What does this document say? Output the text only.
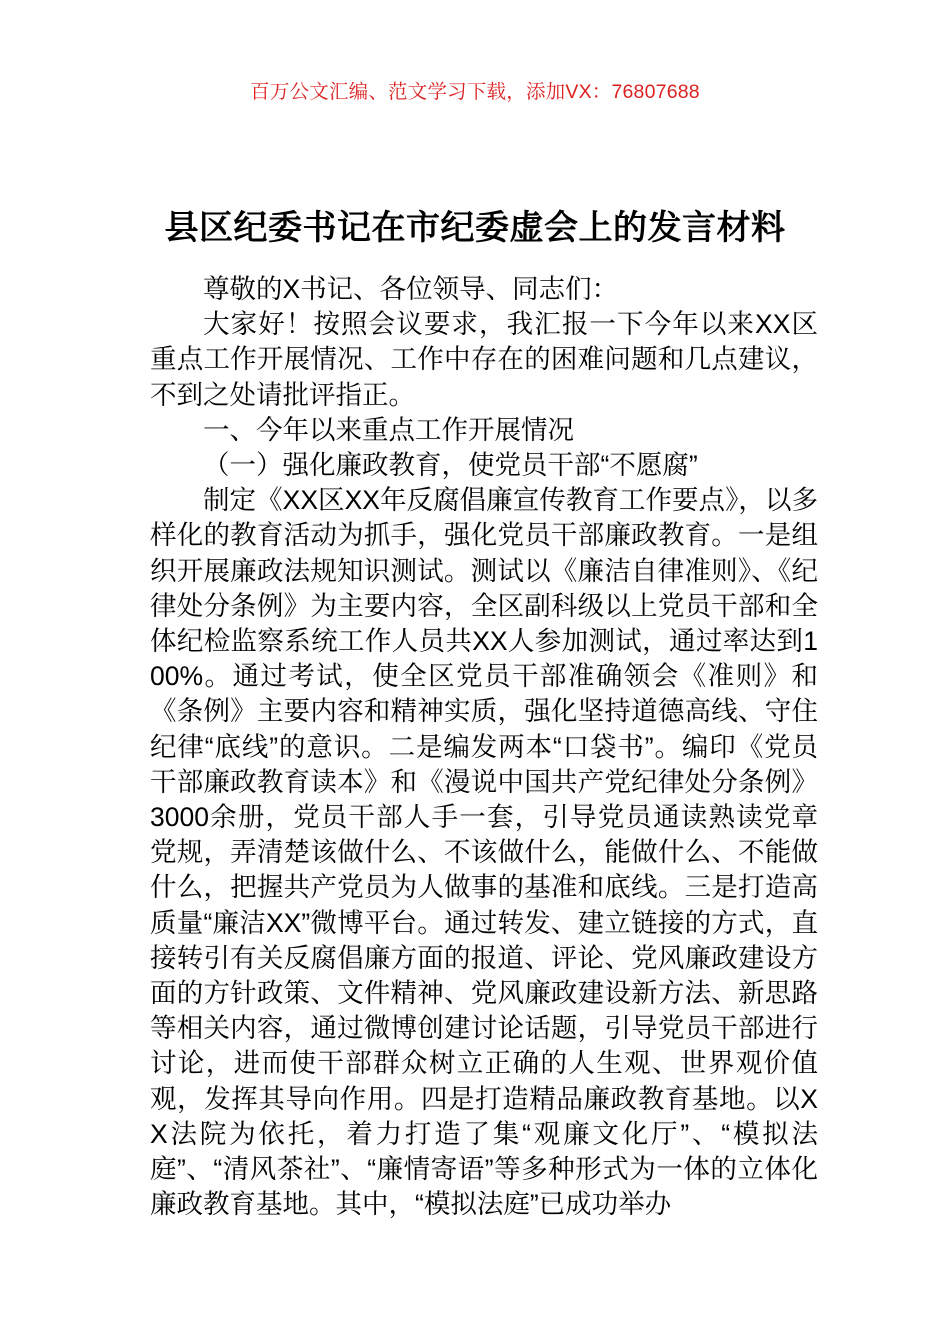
百万公文汇编、范文学习下载，添加VX：76807688
县区纪委书记在市纪委虚会上的发言材料

尊敬的X书记、各位领导、同志们：

大家好！按照会议要求，我汇报一下今年以来XX区重点工作开展情况、工作中存在的困难问题和几点建议，不到之处请批评指正。

一、今年以来重点工作开展情况

（一）强化廉政教育，使党员干部“不愿腐”

制定《XX区XX年反腐倡廉宣传教育工作要点》，以多样化的教育活动为抓手，强化党员干部廉政教育。一是组织开展廉政法规知识测试。测试以《廉洁自律准则》、《纪律处分条例》为主要内容，全区副科级以上党员干部和全体纪检监察系统工作人员共XX人参加测试，通过率达到100%。通过考试，使全区党员干部准确领会《准则》和《条例》主要内容和精神实质，强化坚持道德高线、守住纪律“底线”的意识。二是编发两本“口袋书”。编印《党员干部廉政教育读本》和《漫说中国共产党纪律处分条例》3000余册，党员干部人手一套，引导党员通读熟读党章党规，弄清楚该做什么、不该做什么，能做什么、不能做什么，把握共产党员为人做事的基准和底线。三是打造高质量“廉洁XX”微博平台。通过转发、建立链接的方式，直接转引有关反腐倡廉方面的报道、评论、党风廉政建设方面的方针政策、文件精神、党风廉政建设新方法、新思路等相关内容，通过微博创建讨论话题，引导党员干部进行讨论，进而使干部群众树立正确的人生观、世界观价值观，发挥其导向作用。四是打造精品廉政教育基地。以XX法院为依托，着力打造了集“观廉文化厅”、“模拟法庭”、“清风茶社”、“廉情寄语”等多种形式为一体的立体化廉政教育基地。其中，“模拟法庭”已成功举办
